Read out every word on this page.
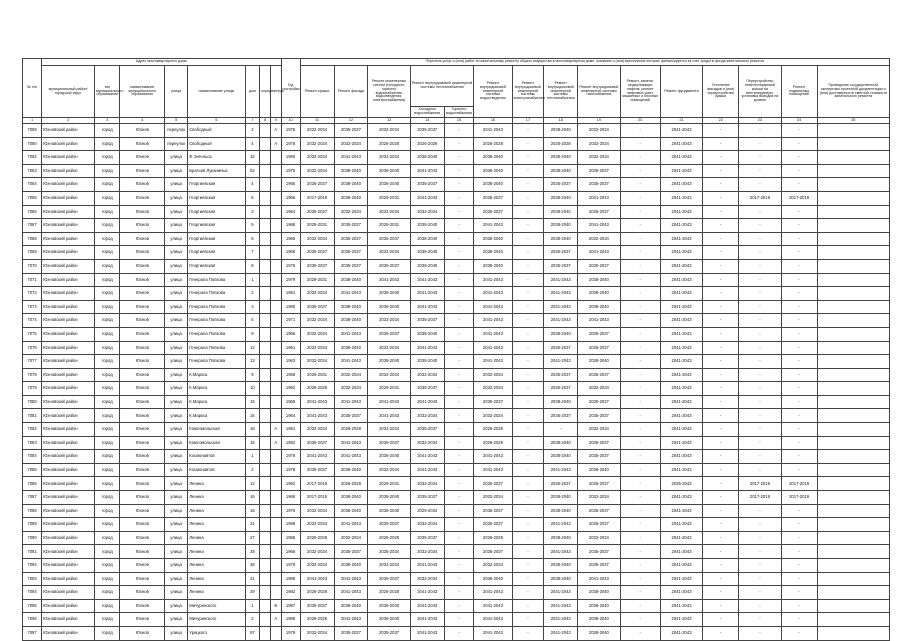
№ п/п	Адрес многоквартирного дома								Год постройки	Перечень услуг и (или) работ по капитальному ремонту общего имущества в многоквартирном доме, оказание и (или) выполнение которых финансируется за счет средств фонда капитального ремонта														
	муниципальный район/городской округ	тип муниципального образования	наименование муниципального образования	улица	наименование улицы	дом	корпус	литера		Ремонт крыши	Ремонт фасада	Ремонт инженерных систем (холодного, горячего водоснабжения, водоотведения, электроснабжения)	Ремонт внутридомовой инженерной системы теплоснабжения		Ремонт внутридомовой инженерной системы водоотведения	Ремонт внутридомовой инженерной системы электроснабжения	Ремонт внутридомовой инженерной системы теплоснабжения	Ремонт внутридомовой инженерной системы газоснабжения	Ремонт, замена, модернизация лифтов, ремонт лифтовых шахт, машинных и блочных помещений	Ремонт фундамента	Утепление фасадов и (или) переустройство крыши	Переустройство невентилируемой крыши на вентилируемую, установка выходов на кровлю	Ремонт подвальных помещений	Проведение государственной экспертизы проектной документации и (или) достоверности сметной стоимости капитального ремонта
													Холодного водоснабжения	Горячего водоснабжения										
1	2	3	4	5	6	7	8	9	10	11	12	13	14	15	16	17	18	19	20	21	22	23	24	25
7059	Юхновский район	город	Юхнов	переулок	Свободный	2		А	1975	2032-2034	2035-2037	2032-2034	2035-2037	-	2041-2043	-	2038-2040	2032-2034	-	2041-2043	-	-	-	
7060	Юхновский район	город	Юхнов	переулок	Свободный	4		А	1976	2032-2034	2032-2034	2026-2028	2026-2028	-	2026-2028	-	2026-2028	2032-2034	-	2041-2043	-	-	-	
7062	Юхновский район	город	Юхнов	улица	Ф.Энгельса	32			1980	2032-2034	2041-2043	2032-2034	2038-2040	-	2038-2040	-	2038-2040	2032-2034	-	2041-2043	-	-	-	
7063	Юхновский район	город	Юхнов	улица	Братьев Луканиных	52			1975	2032-2034	2038-2040	2038-2040	2041-2043	-	2038-2040	-	2038-2040	2035-2037	-	2041-2043	-	-	-	
7064	Юхновский район	город	Юхнов	улица	Георгиевская	4			1965	2035-2037	2038-2040	2038-2040	2035-2037	-	2038-2040	-	2035-2037	2035-2037	-	2041-2043	-	-	-	
7065	Юхновский район	город	Юхнов	улица	Георгиевская	5			1966	2017-2019	2038-2040	2029-2031	2041-2043	-	2035-2037	-	2038-2040	2041-2043	-	2041-2043	-	2017-2019	2017-2019	
7066	Юхновский район	город	Юхнов	улица	Георгиевская	3			1964	2035-2037	2032-2034	2032-2034	2032-2034	-	2035-2037	-	2038-2040	2035-2037	-	2041-2043	-	-	-	
7067	Юхновский район	город	Юхнов	улица	Георгиевская	5			1968	2029-2031	2035-2037	2029-2031	2038-2040	-	2041-2043	-	2038-2040	2041-2043	-	2041-2043	-	-	-	
7068	Юхновский район	город	Юхнов	улица	Георгиевская	6			1965	2032-2034	2035-2037	2035-2037	2038-2040	-	2038-2040	-	2038-2040	2032-2034	-	2041-2043	-	-	-	
7069	Юхновский район	город	Юхнов	улица	Георгиевская	7			1965	2035-2037	2035-2037	2032-2034	2038-2040	-	2038-2040	-	2035-2037	2041-2043	-	2041-2043	-	-	-	
7070	Юхновский район	город	Юхнов	улица	Георгиевская	8			1976	2035-2037	2035-2037	2035-2037	2038-2040	-	2038-2040	-	2035-2037	2035-2037	-	2041-2043	-	-	-	
7071	Юхновский район	город	Юхнов	улица	Генерала Попкова	1			1979	2029-2031	2038-2040	2041-2043	2041-2043	-	2041-2043	-	2041-2043	2038-2040	-	2041-2043	-	-	-	
7072	Юхновский район	город	Юхнов	улица	Генерала Попкова	2			1981	2032-2034	2041-2043	2038-2040	2041-2043	-	2041-2043	-	2041-2043	2038-2040	-	2041-2043	-	-	-	
7073	Юхновский район	город	Юхнов	улица	Генерала Попкова	3			1980	2035-2037	2038-2040	2038-2040	2041-2043	-	2041-2043	-	2041-2043	2038-2040	-	2041-2043	-	-	-	
7074	Юхновский район	город	Юхнов	улица	Генерала Попкова	5			1971	2032-2034	2038-2040	2032-2034	2035-2037	-	2041-2043	-	2041-2043	2041-2043	-	2041-2043	-	-	-	
7075	Юхновский район	город	Юхнов	улица	Генерала Попкова	9			1966	2032-2034	2041-2043	2035-2037	2038-2040	-	2041-2043	-	2038-2040	2035-2037	-	2041-2043	-	-	-	
7076	Юхновский район	город	Юхнов	улица	Генерала Попкова	12			1961	2032-2034	2038-2040	2032-2034	2041-2043	-	2041-2043	-	2035-2037	2035-2037	-	2041-2043	-	-	-	
7077	Юхновский район	город	Юхнов	улица	Генерала Попкова	13			1963	2032-2034	2041-2043	2038-2040	2038-2040	-	2041-2043	-	2041-2043	2038-2040	-	2041-2043	-	-	-	
7078	Юхновский район	город	Юхнов	улица	К.Маркса	9			1958	2029-2031	2032-2034	2032-2034	2032-2034	-	2032-2034	-	2035-2037	2035-2037	-	2041-2043	-	-	-	
7079	Юхновский район	город	Юхнов	улица	К.Маркса	10			1962	2026-2028	2032-2034	2029-2031	2035-2037	-	2032-2034	-	2035-2037	2032-2034	-	2041-2043	-	-	-	
7080	Юхновский район	город	Юхнов	улица	К.Маркса	15			1965	2041-2043	2041-2043	2041-2043	2041-2043	-	2035-2037	-	2038-2040	2035-2037	-	2041-2043	-	-	-	
7081	Юхновский район	город	Юхнов	улица	К.Маркса	16			1964	2041-2043	2035-2037	2041-2043	2032-2034	-	2032-2034	-	2035-2037	2035-2037	-	2041-2043	-	-	-	
7082	Юхновский район	город	Юхнов	улица	Комсомольская	18		А	1981	2032-2034	2026-2028	2032-2034	2035-2037	-	2026-2028	-	-	2032-2034	-	2041-2043	-	-	-	
7083	Юхновский район	город	Юхнов	улица	Комсомольская	18		А	1982	2035-2037	2041-2043	2035-2037	2032-2034	-	2026-2028	-	2038-2040	2035-2037	-	2041-2043	-	-	-	
7084	Юхновский район	город	Юхнов	улица	Космонавтов	1			1976	2041-2043	2041-2043	2038-2040	2041-2043	-	2041-2043	-	2038-2040	2035-2037	-	2041-2043	-	-	-	
7085	Юхновский район	город	Юхнов	улица	Космонавтов	2			1978	2035-2037	2038-2040	2032-2034	2041-2043	-	2041-2043	-	2041-2043	2038-2040	-	2041-2043	-	-	-	
7086	Юхновский район	город	Юхнов	улица	Ленина	12			1962	2017-2019	2026-2028	2029-2031	2032-2034	-	2035-2037	-	2035-2037	2035-2037	-	2035-2043	-	2017-2019	2017-2019	
7087	Юхновский район	город	Юхнов	улица	Ленина	16			1966	2017-2019	2038-2040	2038-2040	2035-2037	-	2032-2034	-	2038-2040	2032-2034	-	2041-2043	-	2017-2019	2017-2019	
7088	Юхновский район	город	Юхнов	улица	Ленина	16			1976	2032-2034	2038-2040	2038-2040	2029-2034	-	2035-2037	-	2038-2040	2035-2037	-	2041-2043	-	-	-	
7089	Юхновский район	город	Юхнов	улица	Ленина	21			1988	2032-2034	2041-2043	2035-2037	2032-2034	-	2035-2037	-	2041-2043	2035-2037	-	2041-2043	-	-	-	
7090	Юхновский район	город	Юхнов	улица	Ленина	27			1986	2026-2028	2032-2034	2026-2028	2035-2037	-	2026-2028	-	2038-2040	2032-2034	-	2041-2043	-	-	-	
7091	Юхновский район	город	Юхнов	улица	Ленина	28			1966	2032-2034	2035-2037	2035-2034	2032-2034	-	2035-2037	-	2041-2043	2035-2037	-	2041-2043	-	-	-	
7092	Юхновский район	город	Юхнов	улица	Ленина	36			1978	2032-2034	2038-2040	2032-2034	2041-2043	-	2032-2034	-	2038-2040	2035-2037	-	2041-2043	-	-	-	
7093	Юхновский район	город	Юхнов	улица	Ленина	41			1988	2041-2043	2041-2043	2035-2037	2032-2034	-	2038-2040	-	2038-2040	2041-2043	-	2041-2043	-	-	-	
7094	Юхновский район	город	Юхнов	улица	Ленина	29			1982	2026-2028	2041-2043	2026-2028	2041-2043	-	2041-2043	-	2041-2043	2038-2040	-	2041-2043	-	-	-	
7095	Юхновский район	город	Юхнов	улица	Мичуринского	1		Б	1987	2035-2037	2038-2040	2038-2040	2041-2043	-	2041-2043	-	2041-2043	2038-2040	-	2041-2043	-	-	-	
7096	Юхновский район	город	Юхнов	улица	Мичуринского	2		А	1988	2026-2028	2041-2043	2038-2040	2041-2043	-	2041-2043	-	2041-2043	2038-2040	-	2041-2043	-	-	-	
7097	Юхновский район	город	Юхнов	улица	Урицкого	87			1978	2032-2034	2035-2037	2035-2037	2041-2043	-	2041-2043	-	2041-2043	2038-2040	-	2041-2043	-	-	-	
